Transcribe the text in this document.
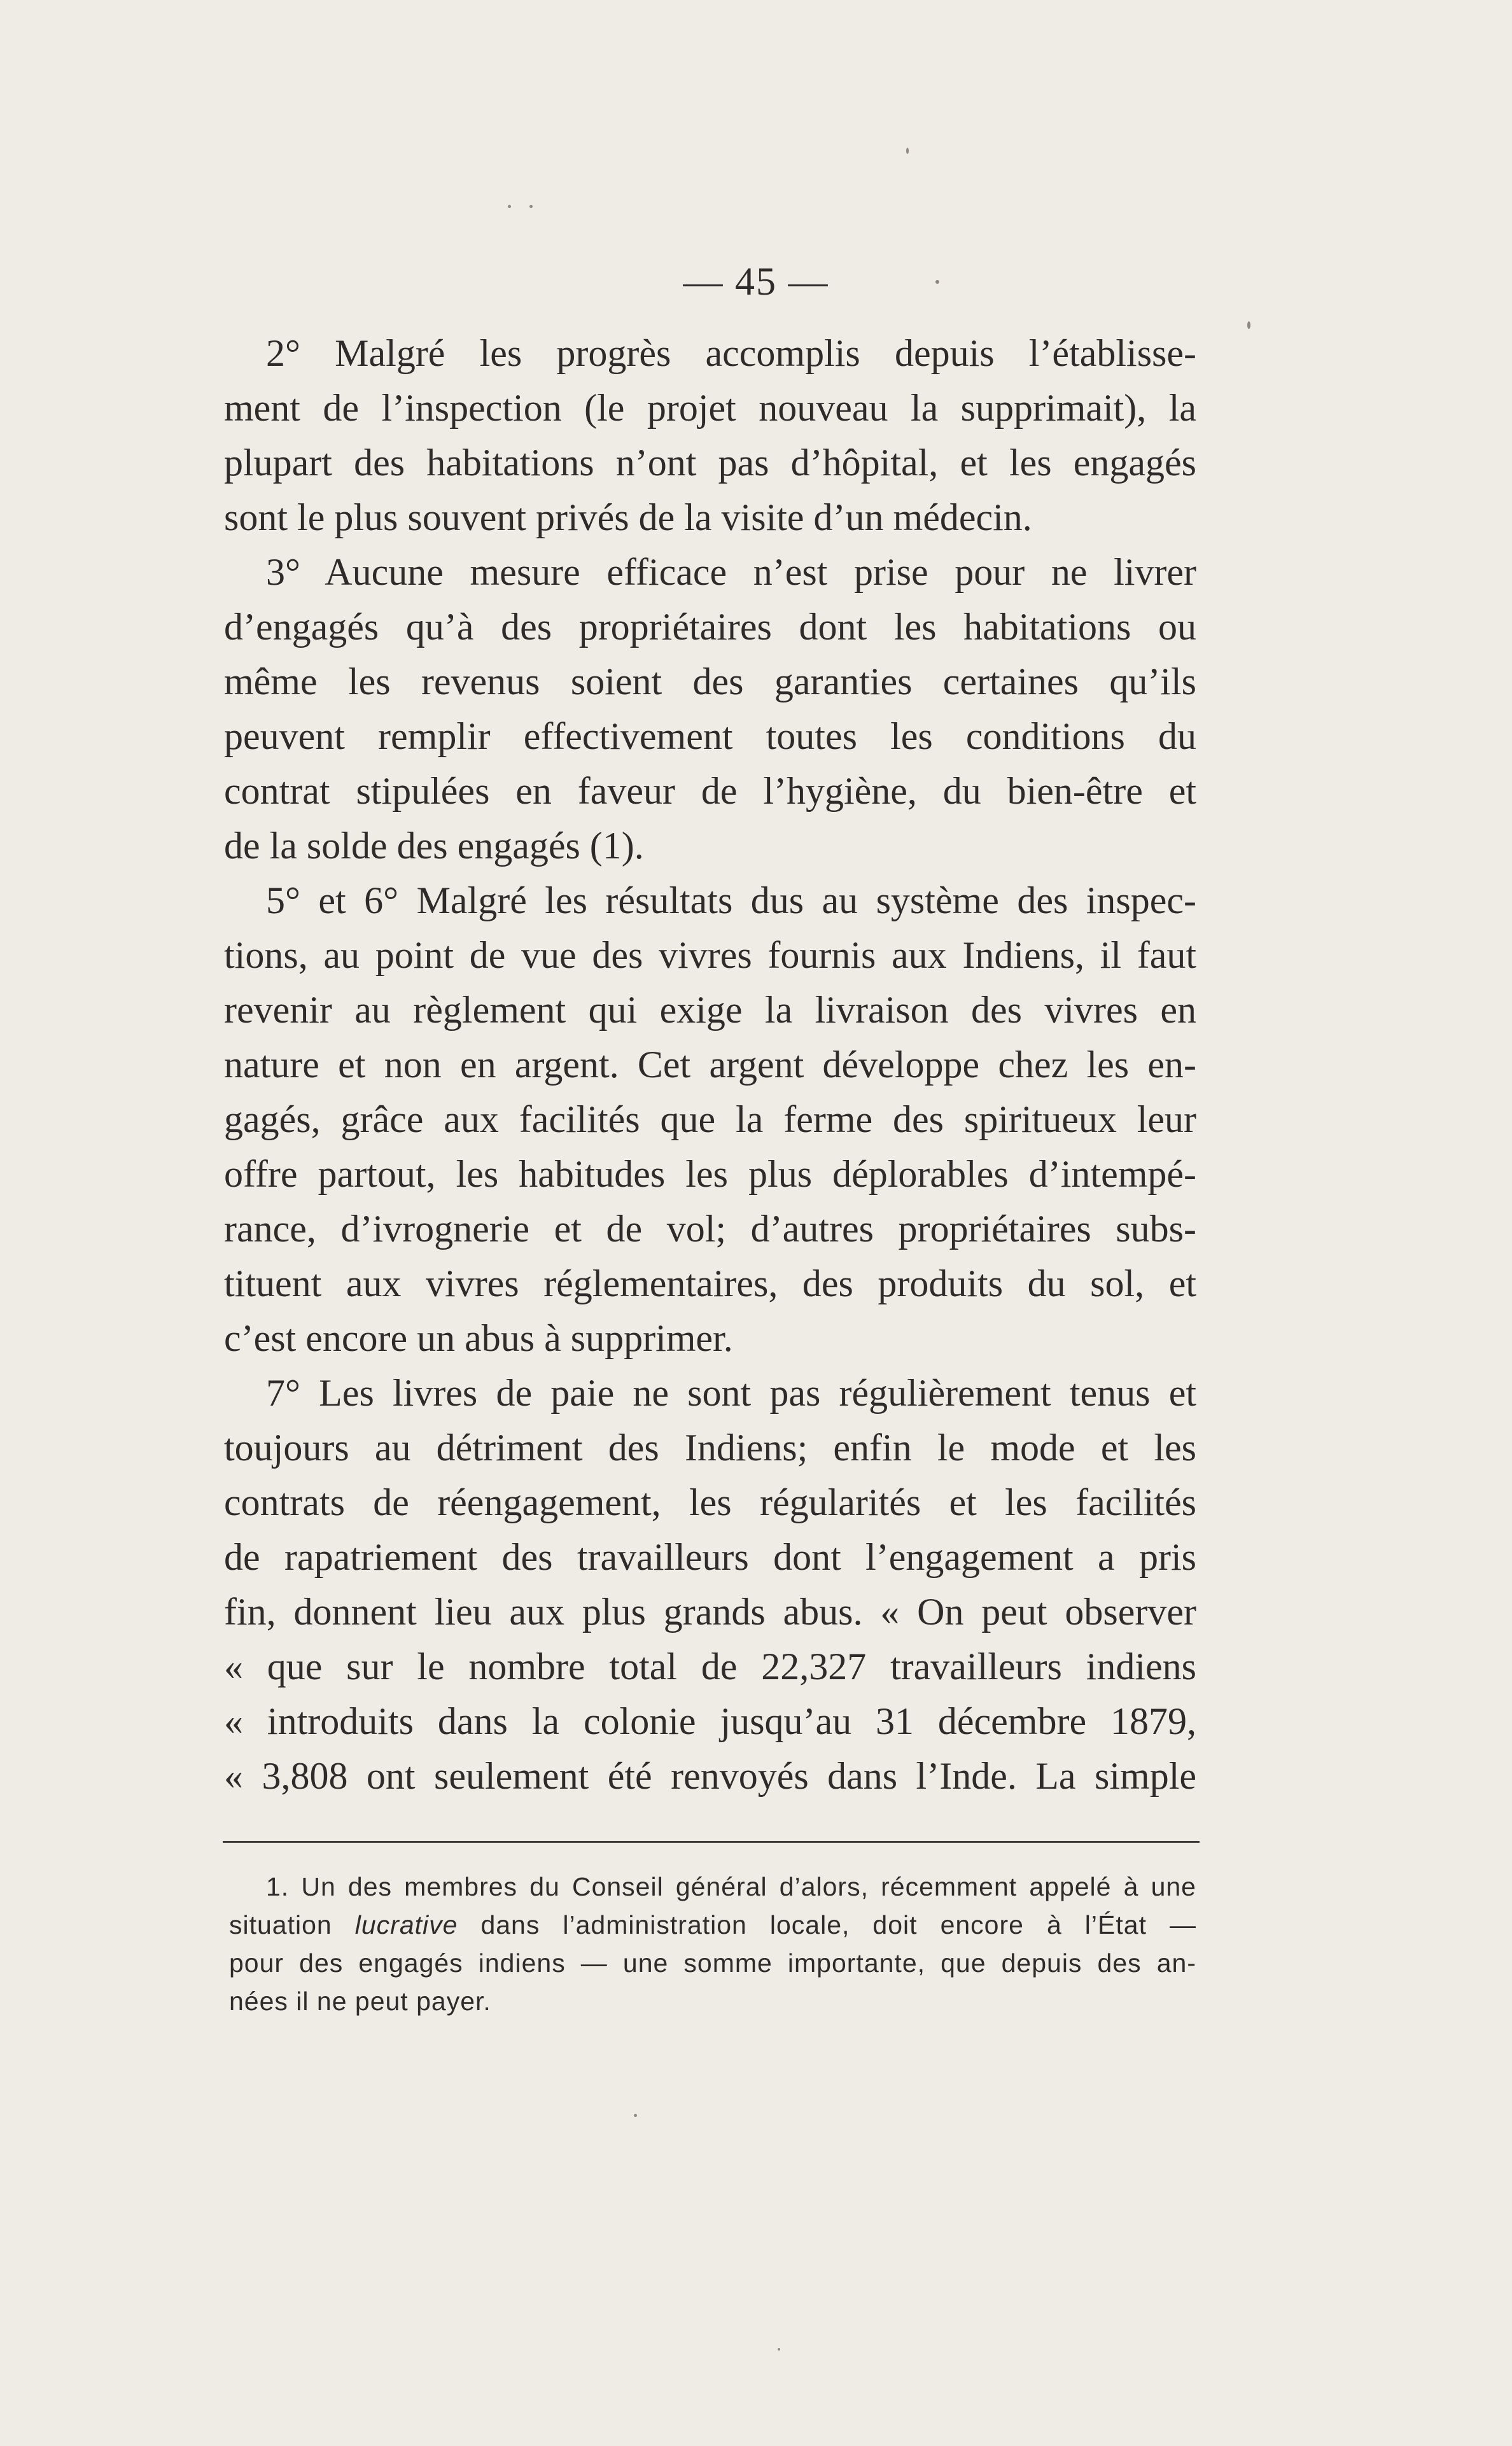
— 45 —
2° Malgré les progrès accomplis depuis l’établisse-
ment de l’inspection (le projet nouveau la supprimait), la
plupart des habitations n’ont pas d’hôpital, et les engagés
sont le plus souvent privés de la visite d’un médecin.
3° Aucune mesure efficace n’est prise pour ne livrer
d’engagés qu’à des propriétaires dont les habitations ou
même les revenus soient des garanties certaines qu’ils
peuvent remplir effectivement toutes les conditions du
contrat stipulées en faveur de l’hygiène, du bien-être et
de la solde des engagés (1).
5° et 6° Malgré les résultats dus au système des inspec-
tions, au point de vue des vivres fournis aux Indiens, il faut
revenir au règlement qui exige la livraison des vivres en
nature et non en argent. Cet argent développe chez les en-
gagés, grâce aux facilités que la ferme des spiritueux leur
offre partout, les habitudes les plus déplorables d’intempé-
rance, d’ivrognerie et de vol; d’autres propriétaires subs-
tituent aux vivres réglementaires, des produits du sol, et
c’est encore un abus à supprimer.
7° Les livres de paie ne sont pas régulièrement tenus et
toujours au détriment des Indiens; enfin le mode et les
contrats de réengagement, les régularités et les facilités
de rapatriement des travailleurs dont l’engagement a pris
fin, donnent lieu aux plus grands abus. « On peut observer
« que sur le nombre total de 22,327 travailleurs indiens
« introduits dans la colonie jusqu’au 31 décembre 1879,
« 3,808 ont seulement été renvoyés dans l’Inde. La simple
1. Un des membres du Conseil général d’alors, récemment appelé à une
situation lucrative dans l’administration locale, doit encore à l’État —
pour des engagés indiens — une somme importante, que depuis des an-
nées il ne peut payer.
